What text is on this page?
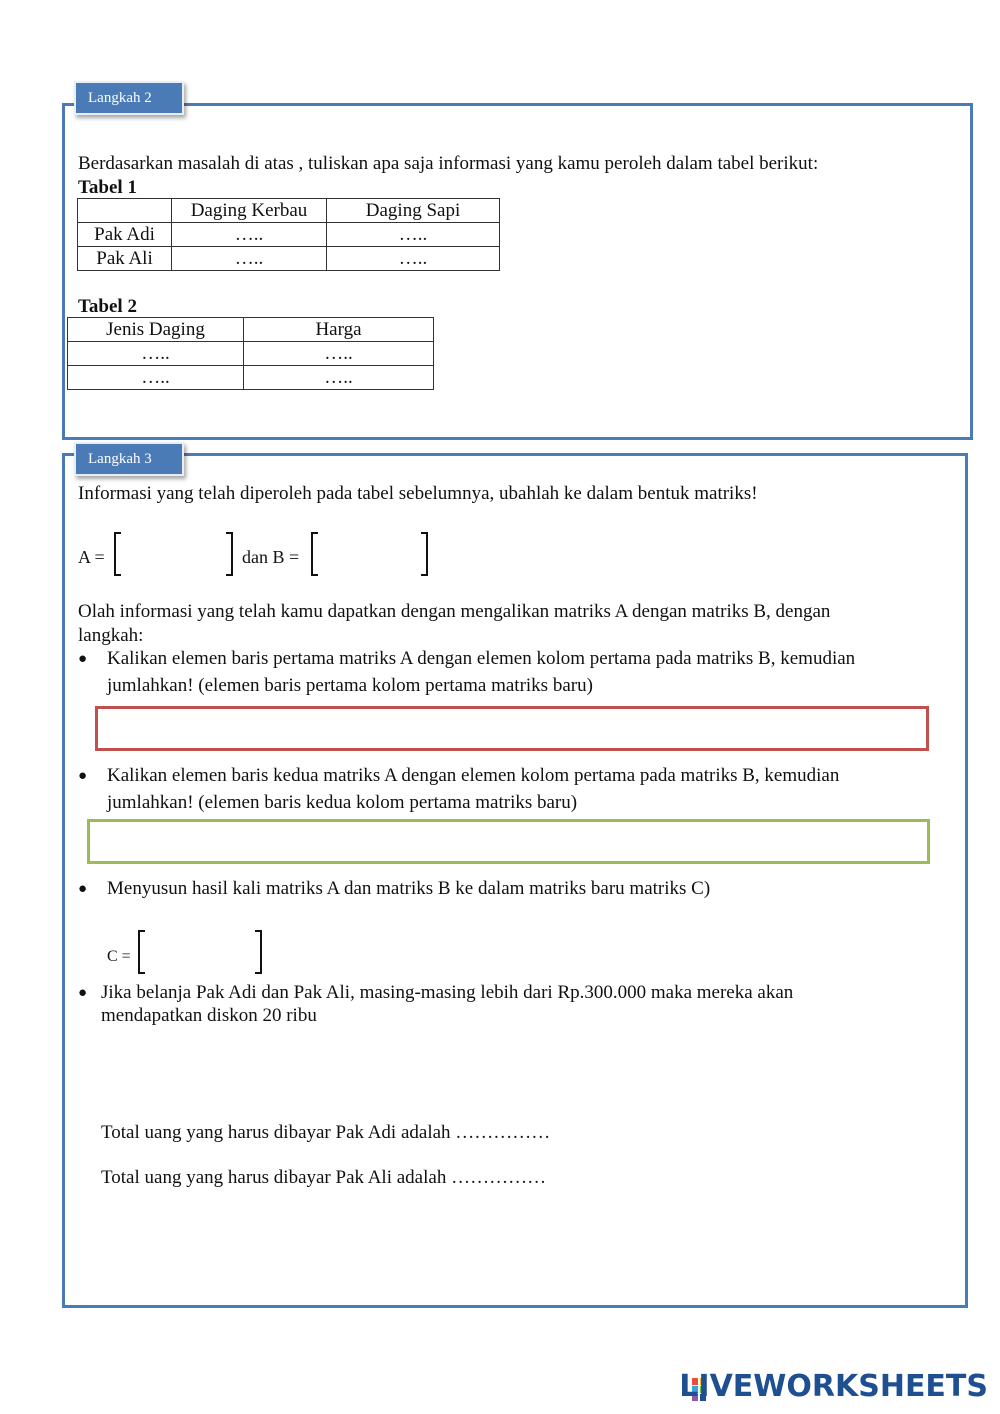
Langkah 2
Berdasarkan masalah di atas , tuliskan apa saja informasi yang kamu peroleh dalam tabel berikut:
Tabel 1
	Daging Kerbau	Daging Sapi
Pak Adi	…..	…..
Pak Ali	…..	…..
Tabel 2
Jenis Daging	Harga
…..	…..
…..	…..
Langkah 3
Informasi yang telah diperoleh pada tabel sebelumnya, ubahlah ke dalam bentuk matriks!
A =	dan B =
Olah informasi yang telah kamu dapatkan dengan mengalikan matriks A dengan matriks B, dengan
langkah:
● Kalikan elemen baris pertama matriks A dengan elemen kolom pertama pada matriks B, kemudian
jumlahkan! (elemen baris pertama kolom pertama matriks baru)
● Kalikan elemen baris kedua matriks A dengan elemen kolom pertama pada matriks B, kemudian
jumlahkan! (elemen baris kedua kolom pertama matriks baru)
● Menyusun hasil kali matriks A dan matriks B ke dalam matriks baru matriks C)
C =
● Jika belanja Pak Adi dan Pak Ali, masing-masing lebih dari Rp.300.000 maka mereka akan
mendapatkan diskon 20 ribu
Total uang yang harus dibayar Pak Adi adalah ……………
Total uang yang harus dibayar Pak Ali adalah ……………
LIVEWORKSHEETS
